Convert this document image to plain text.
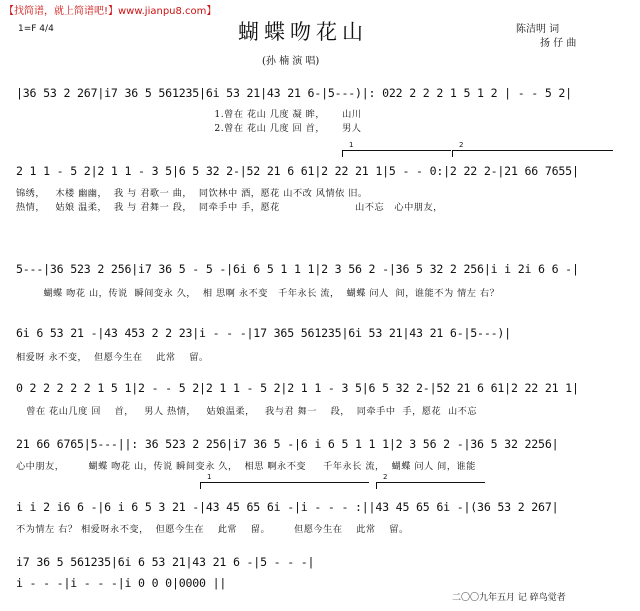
【找简谱，就上简谱吧!】www.jianpu8.com】
1=F 4/4	蝴蝶吻花山	陈洁明 词
扬 仔 曲
(孙 楠 演 唱)
|36 53 2 267|i7 36 5 561235|6i 53 21|43 21 6-|5---)|: 022 2 2 2 1 5 1 2 | - - 5 2|
1.曾在 花山 几度 凝 眸，     山川
2.曾在 花山 几度 回 首，     男人
1	2
2 1 1 - 5 2|2 1 1 - 3 5|6 5 32 2-|52 21 6 61|2 22 21 1|5 - - 0:|2 22 2-|21 66 7655|
锦绣，   木楼 幽幽，  我 与 君歌一 曲，  同饮林中 酒，愿花 山不改 风情依 旧。
热情，   姑娘 温柔，  我 与 君舞一 段，  同牵手中 手，愿花                      山不忘   心中朋友，
5---|36 523 2 256|i7 36 5 - 5 -|6i 6 5 1 1 1|2 3 56 2 -|36 5 32 2 256|i i 2i 6 6 -|
蝴蝶 吻花 山，传说  瞬间变永 久，  相 思啊 永不变   千年永长 流，  蝴蝶 问人  间，谁能不为 情左 右？
6i 6 53 21 -|43 453 2 2 23|i - - -|17 365 561235|6i 53 21|43 21 6-|5---)|
相爱呀 永不变，  但愿今生在    此常    留。
0 2 2 2 2 2 1 5 1|2 - - 5 2|2 1 1 - 5 2|2 1 1 - 3 5|6 5 32 2-|52 21 6 61|2 22 21 1|
曾在 花山几度 回    首，   男人 热情，   姑娘温柔，   我与君 舞一    段，  同牵手中  手，愿花  山不忘
21 66 6765|5---||: 36 523 2 256|i7 36 5 -|6 i 6 5 1 1 1|2 3 56 2 -|36 5 32 2256|
心中朋友，       蝴蝶 吻花 山，传说 瞬间变永 久，  相思 啊永不变     千年永长 流，  蝴蝶 问人 间，谁能
1	2
i i 2 i6 6 -|6 i 6 5 3 21 -|43 45 65 6i -|i - - - :||43 45 65 6i -|(36 53 2 267|
不为情左 右？ 相爱呀永不变，  但愿今生在    此常    留。       但愿今生在    此常    留。
i7 36 5 561235|6i 6 53 21|43 21 6 -|5 - - -|
i - - -|i - - -|i 0 0 0|0000 ||
二〇〇九年五月 记 碎鸟觉者
